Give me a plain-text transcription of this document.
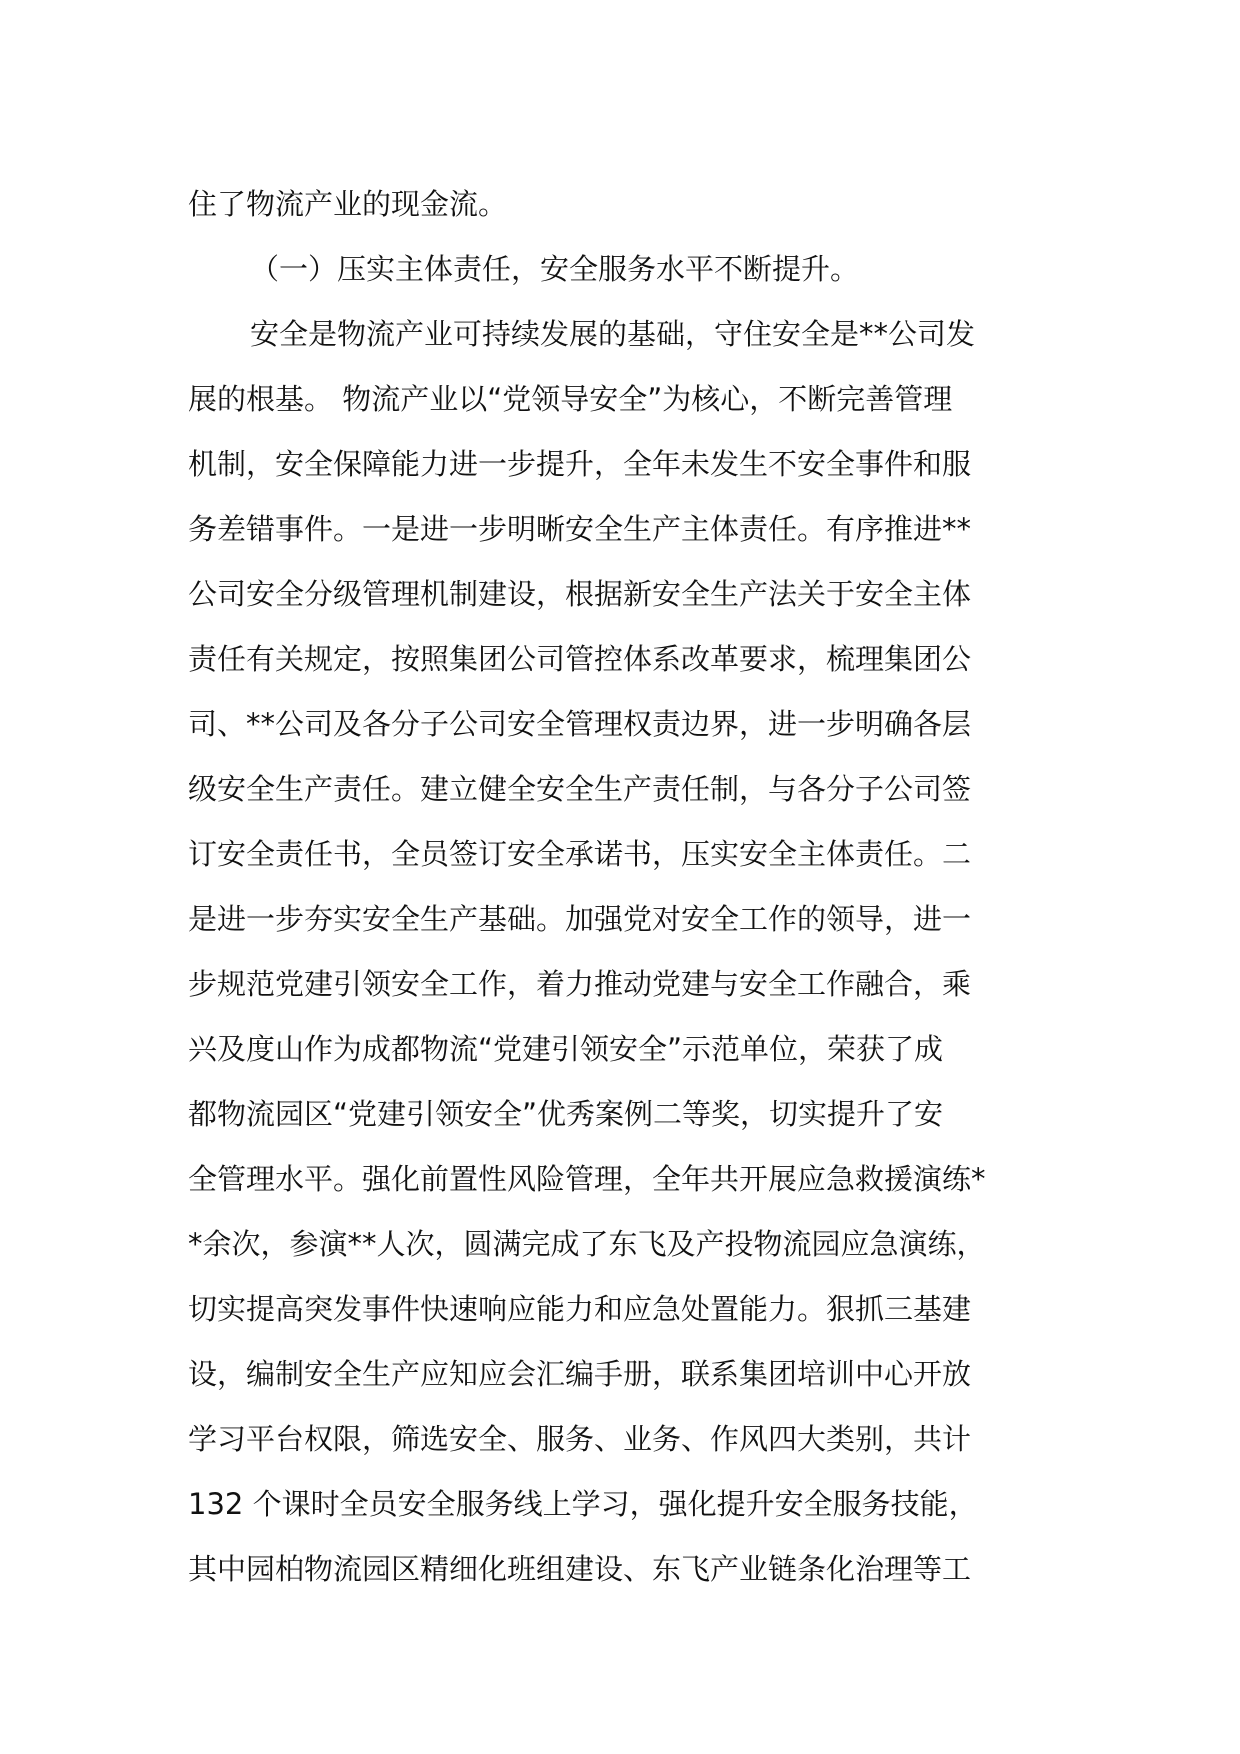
住了物流产业的现金流。
（一）压实主体责任，安全服务水平不断提升。
安全是物流产业可持续发展的基础，守住安全是**公司发
展的根基。 物流产业以“党领导安全”为核心，不断完善管理
机制，安全保障能力进一步提升，全年未发生不安全事件和服
务差错事件。一是进一步明晰安全生产主体责任。有序推进**
公司安全分级管理机制建设，根据新安全生产法关于安全主体
责任有关规定，按照集团公司管控体系改革要求，梳理集团公
司、**公司及各分子公司安全管理权责边界，进一步明确各层
级安全生产责任。建立健全安全生产责任制，与各分子公司签
订安全责任书，全员签订安全承诺书，压实安全主体责任。二
是进一步夯实安全生产基础。加强党对安全工作的领导，进一
步规范党建引领安全工作，着力推动党建与安全工作融合，乘
兴及度山作为成都物流“党建引领安全”示范单位，荣获了成
都物流园区“党建引领安全”优秀案例二等奖，切实提升了安
全管理水平。强化前置性风险管理，全年共开展应急救援演练*
*余次，参演**人次，圆满完成了东飞及产投物流园应急演练，
切实提高突发事件快速响应能力和应急处置能力。狠抓三基建
设，编制安全生产应知应会汇编手册，联系集团培训中心开放
学习平台权限，筛选安全、服务、业务、作风四大类别，共计
132 个课时全员安全服务线上学习，强化提升安全服务技能，
其中园柏物流园区精细化班组建设、东飞产业链条化治理等工
